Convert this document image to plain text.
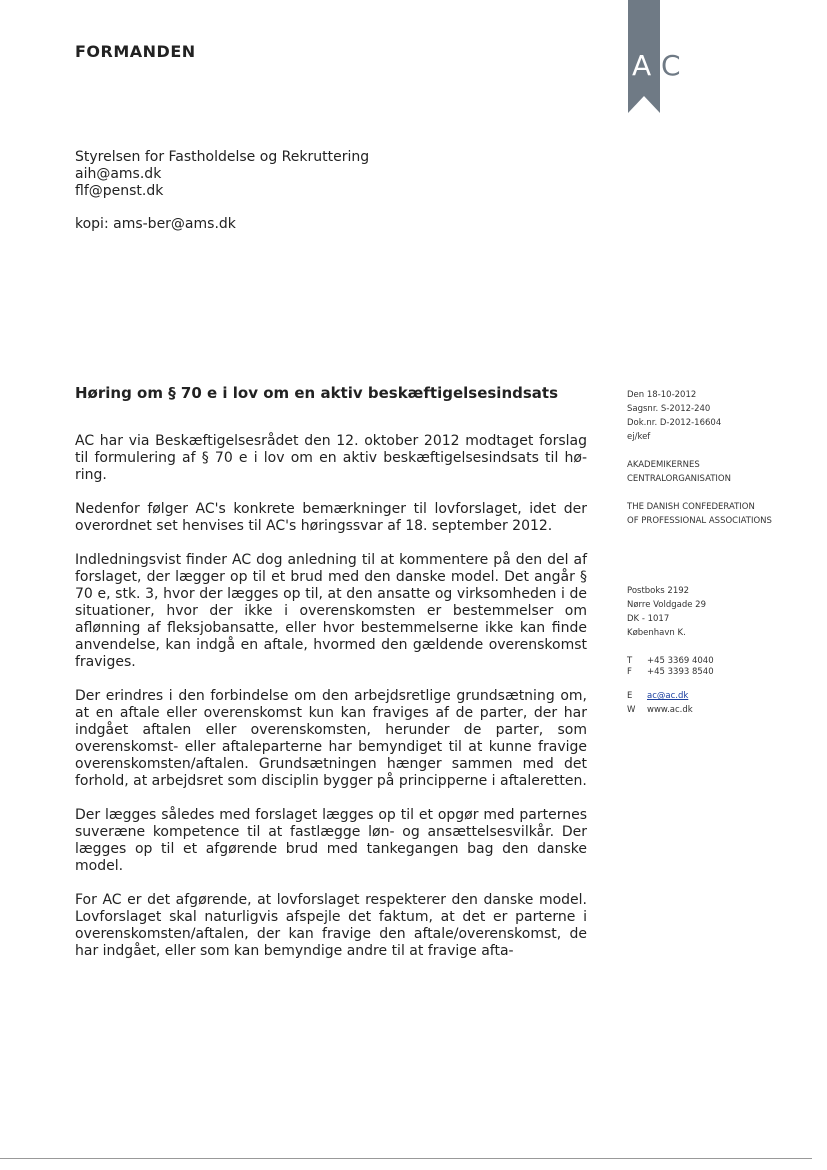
FORMANDEN	A C
Styrelsen for Fastholdelse og Rekruttering
aih@ams.dk
flf@penst.dk
kopi: ams-ber@ams.dk
Høring om § 70 e i lov om en aktiv beskæftigelsesindsats

AC har via Beskæftigelsesrådet den 12. oktober 2012 modtaget forslag til formulering af § 70 e i lov om en aktiv beskæftigelsesindsats til hø-ring.

Nedenfor følger AC's konkrete bemærkninger til lovforslaget, idet der overordnet set henvises til AC's høringssvar af 18. september 2012.

Indledningsvist finder AC dog anledning til at kommentere på den del af forslaget, der lægger op til et brud med den danske model. Det angår § 70 e, stk. 3, hvor der lægges op til, at den ansatte og virksomheden i de situationer, hvor der ikke i overenskomsten er bestemmelser om aflønning af fleksjobansatte, eller hvor bestemmelserne ikke kan finde anvendelse, kan indgå en aftale, hvormed den gældende overenskomst fraviges.

Der erindres i den forbindelse om den arbejdsretlige grundsætning om, at en aftale eller overenskomst kun kan fraviges af de parter, der har indgået aftalen eller overenskomsten, herunder de parter, som overenskomst- eller aftaleparterne har bemyndiget til at kunne fravige overenskomsten/aftalen. Grundsætningen hænger sammen med det forhold, at arbejdsret som disciplin bygger på principperne i aftaleretten.

Der lægges således med forslaget lægges op til et opgør med parternes suveræne kompetence til at fastlægge løn- og ansættelsesvilkår. Der lægges op til et afgørende brud med tankegangen bag den danske model.

For AC er det afgørende, at lovforslaget respekterer den danske model. Lovforslaget skal naturligvis afspejle det faktum, at det er parterne i overenskomsten/aftalen, der kan fravige den aftale/overenskomst, de har indgået, eller som kan bemyndige andre til at fravige afta-

Den 18-10-2012
Sagsnr. S-2012-240
Dok.nr. D-2012-16604
ej/kef
AKADEMIKERNES
CENTRALORGANISATION
THE DANISH CONFEDERATION
OF PROFESSIONAL ASSOCIATIONS
Postboks 2192
Nørre Voldgade 29
DK - 1017
København K.
T	+45 3369 4040
F	+45 3393 8540
E	ac@ac.dk
W	www.ac.dk
